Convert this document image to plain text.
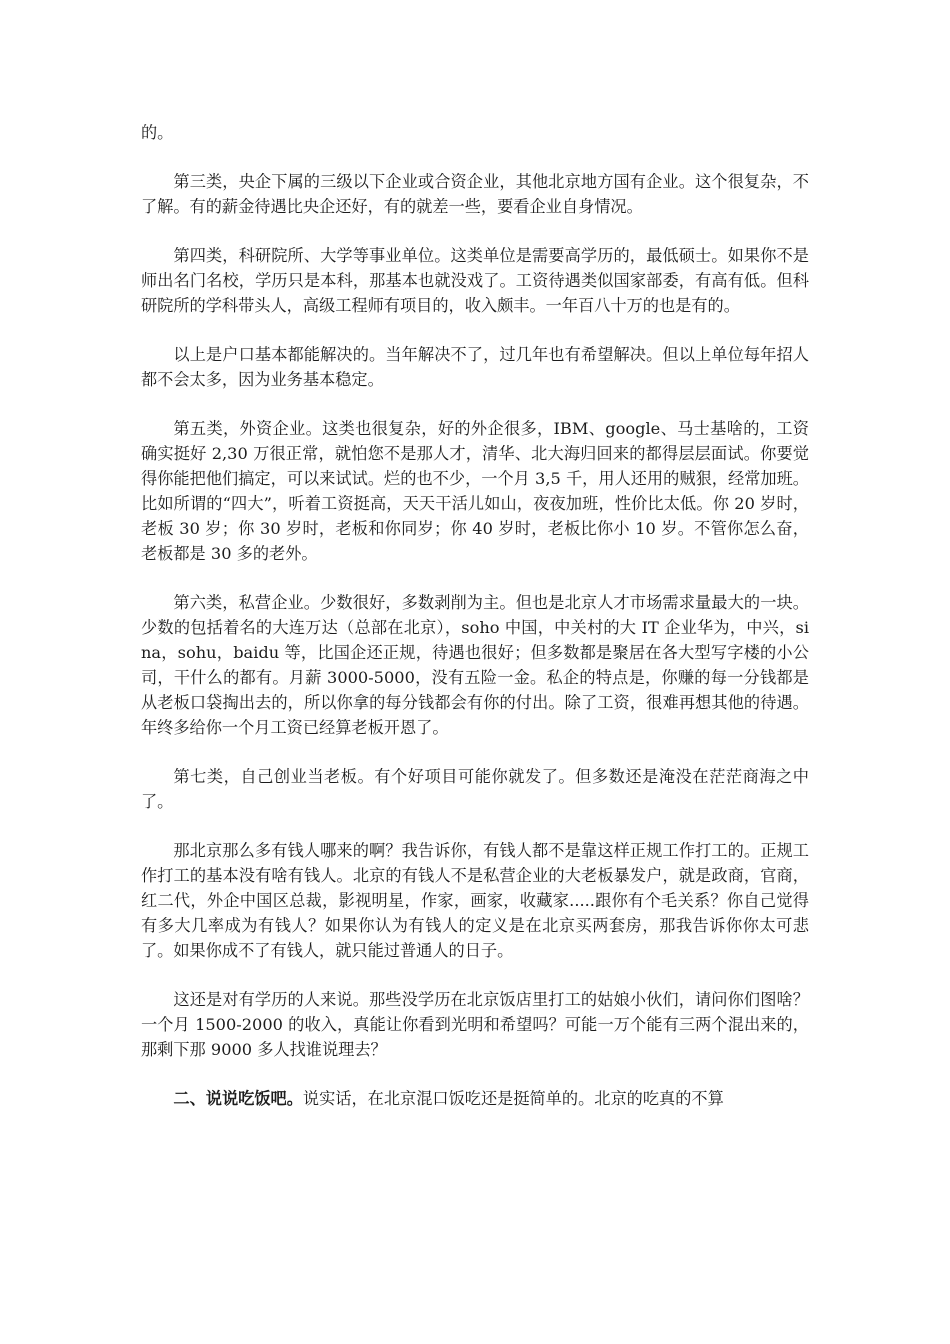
的。

第三类，央企下属的三级以下企业或合资企业，其他北京地方国有企业。这个很复杂，不了解。有的薪金待遇比央企还好，有的就差一些，要看企业自身情况。

第四类，科研院所、大学等事业单位。这类单位是需要高学历的，最低硕士。如果你不是师出名门名校，学历只是本科，那基本也就没戏了。工资待遇类似国家部委，有高有低。但科研院所的学科带头人，高级工程师有项目的，收入颇丰。一年百八十万的也是有的。

以上是户口基本都能解决的。当年解决不了，过几年也有希望解决。但以上单位每年招人都不会太多，因为业务基本稳定。

第五类，外资企业。这类也很复杂，好的外企很多，IBM、google、马士基啥的，工资确实挺好 2,30 万很正常，就怕您不是那人才，清华、北大海归回来的都得层层面试。你要觉得你能把他们搞定，可以来试试。烂的也不少，一个月 3,5 千，用人还用的贼狠，经常加班。比如所谓的“四大”，听着工资挺高，天天干活儿如山，夜夜加班，性价比太低。你 20 岁时，老板 30 岁；你 30 岁时，老板和你同岁；你 40 岁时，老板比你小 10 岁。不管你怎么奋，老板都是 30 多的老外。

第六类，私营企业。少数很好，多数剥削为主。但也是北京人才市场需求量最大的一块。少数的包括着名的大连万达（总部在北京），soho 中国，中关村的大 IT 企业华为，中兴，sina，sohu，baidu 等，比国企还正规，待遇也很好；但多数都是聚居在各大型写字楼的小公司，干什么的都有。月薪 3000-5000，没有五险一金。私企的特点是，你赚的每一分钱都是从老板口袋掏出去的，所以你拿的每分钱都会有你的付出。除了工资，很难再想其他的待遇。年终多给你一个月工资已经算老板开恩了。

第七类，自己创业当老板。有个好项目可能你就发了。但多数还是淹没在茫茫商海之中了。

那北京那么多有钱人哪来的啊？我告诉你，有钱人都不是靠这样正规工作打工的。正规工作打工的基本没有啥有钱人。北京的有钱人不是私营企业的大老板暴发户，就是政商，官商，红二代，外企中国区总裁，影视明星，作家，画家，收藏家.....跟你有个毛关系？你自己觉得有多大几率成为有钱人？如果你认为有钱人的定义是在北京买两套房，那我告诉你你太可悲了。如果你成不了有钱人，就只能过普通人的日子。

这还是对有学历的人来说。那些没学历在北京饭店里打工的姑娘小伙们，请问你们图啥？一个月 1500-2000 的收入，真能让你看到光明和希望吗？可能一万个能有三两个混出来的，那剩下那 9000 多人找谁说理去？

二、说说吃饭吧。说实话，在北京混口饭吃还是挺简单的。北京的吃真的不算
